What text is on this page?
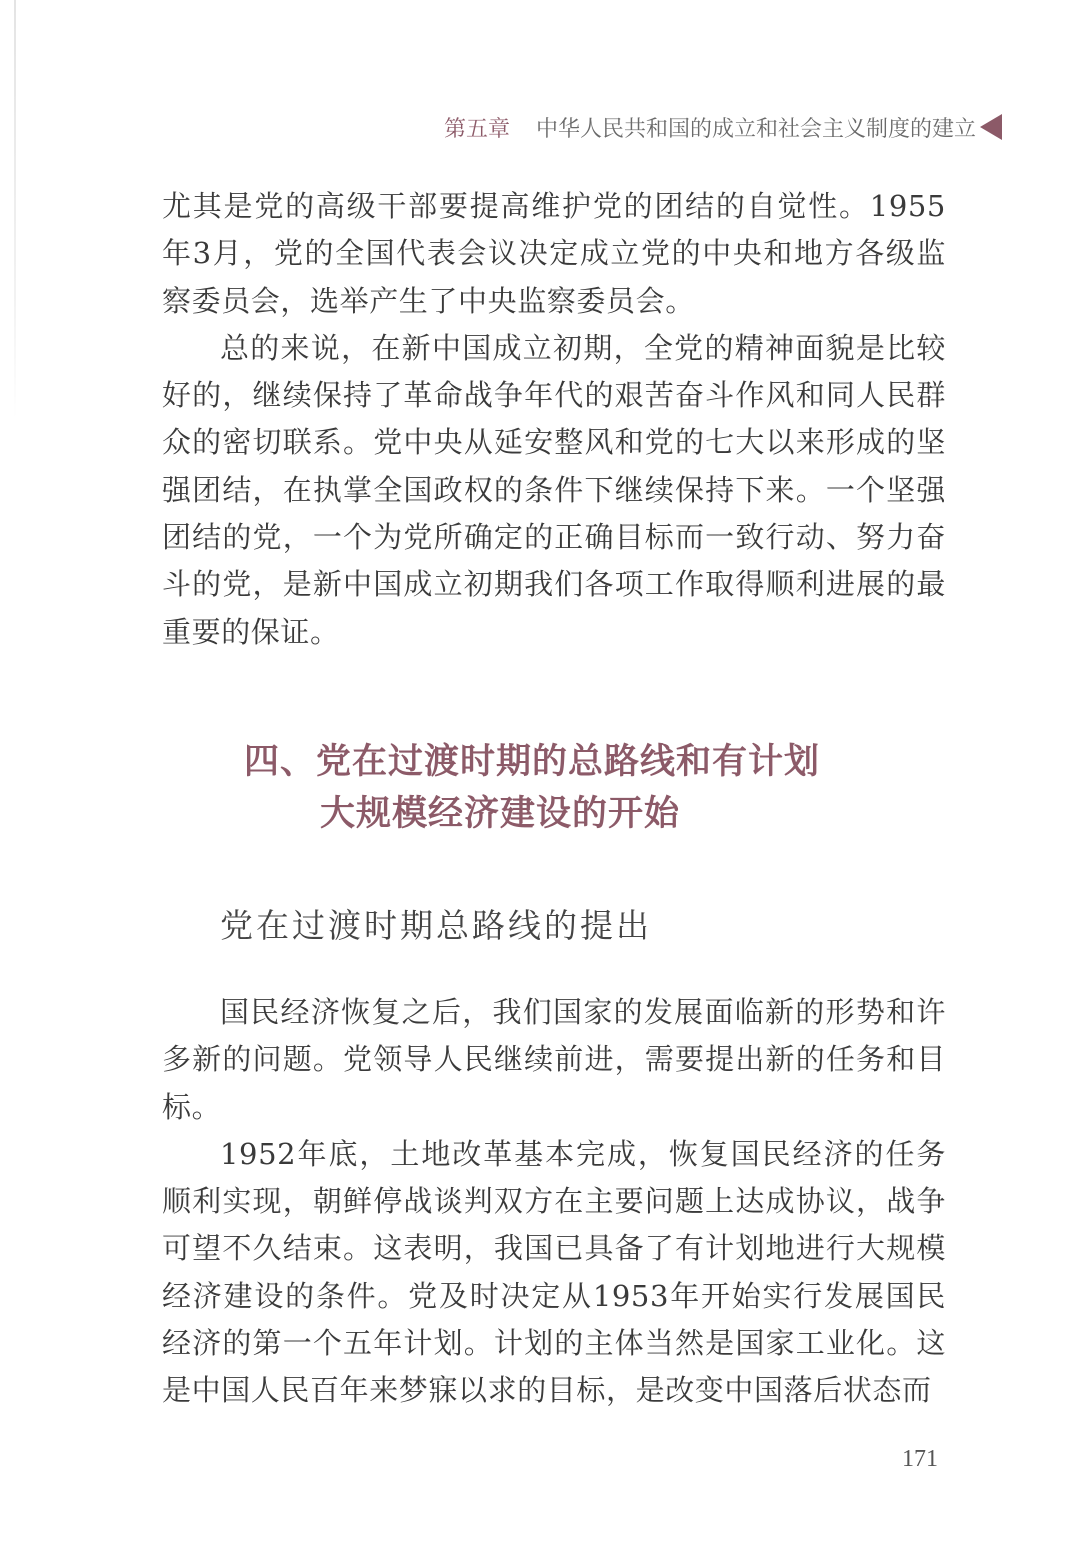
第五章 中华人民共和国的成立和社会主义制度的建立

尤其是党的高级干部要提高维护党的团结的自觉性。1955年3月，党的全国代表会议决定成立党的中央和地方各级监察委员会，选举产生了中央监察委员会。

总的来说，在新中国成立初期，全党的精神面貌是比较好的，继续保持了革命战争年代的艰苦奋斗作风和同人民群众的密切联系。党中央从延安整风和党的七大以来形成的坚强团结，在执掌全国政权的条件下继续保持下来。一个坚强团结的党，一个为党所确定的正确目标而一致行动、努力奋斗的党，是新中国成立初期我们各项工作取得顺利进展的最重要的保证。

四、党在过渡时期的总路线和有计划
大规模经济建设的开始
党在过渡时期总路线的提出

国民经济恢复之后，我们国家的发展面临新的形势和许多新的问题。党领导人民继续前进，需要提出新的任务和目标。

1952年底，土地改革基本完成，恢复国民经济的任务顺利实现，朝鲜停战谈判双方在主要问题上达成协议，战争可望不久结束。这表明，我国已具备了有计划地进行大规模经济建设的条件。党及时决定从1953年开始实行发展国民经济的第一个五年计划。计划的主体当然是国家工业化。这是中国人民百年来梦寐以求的目标，是改变中国落后状态而

171
